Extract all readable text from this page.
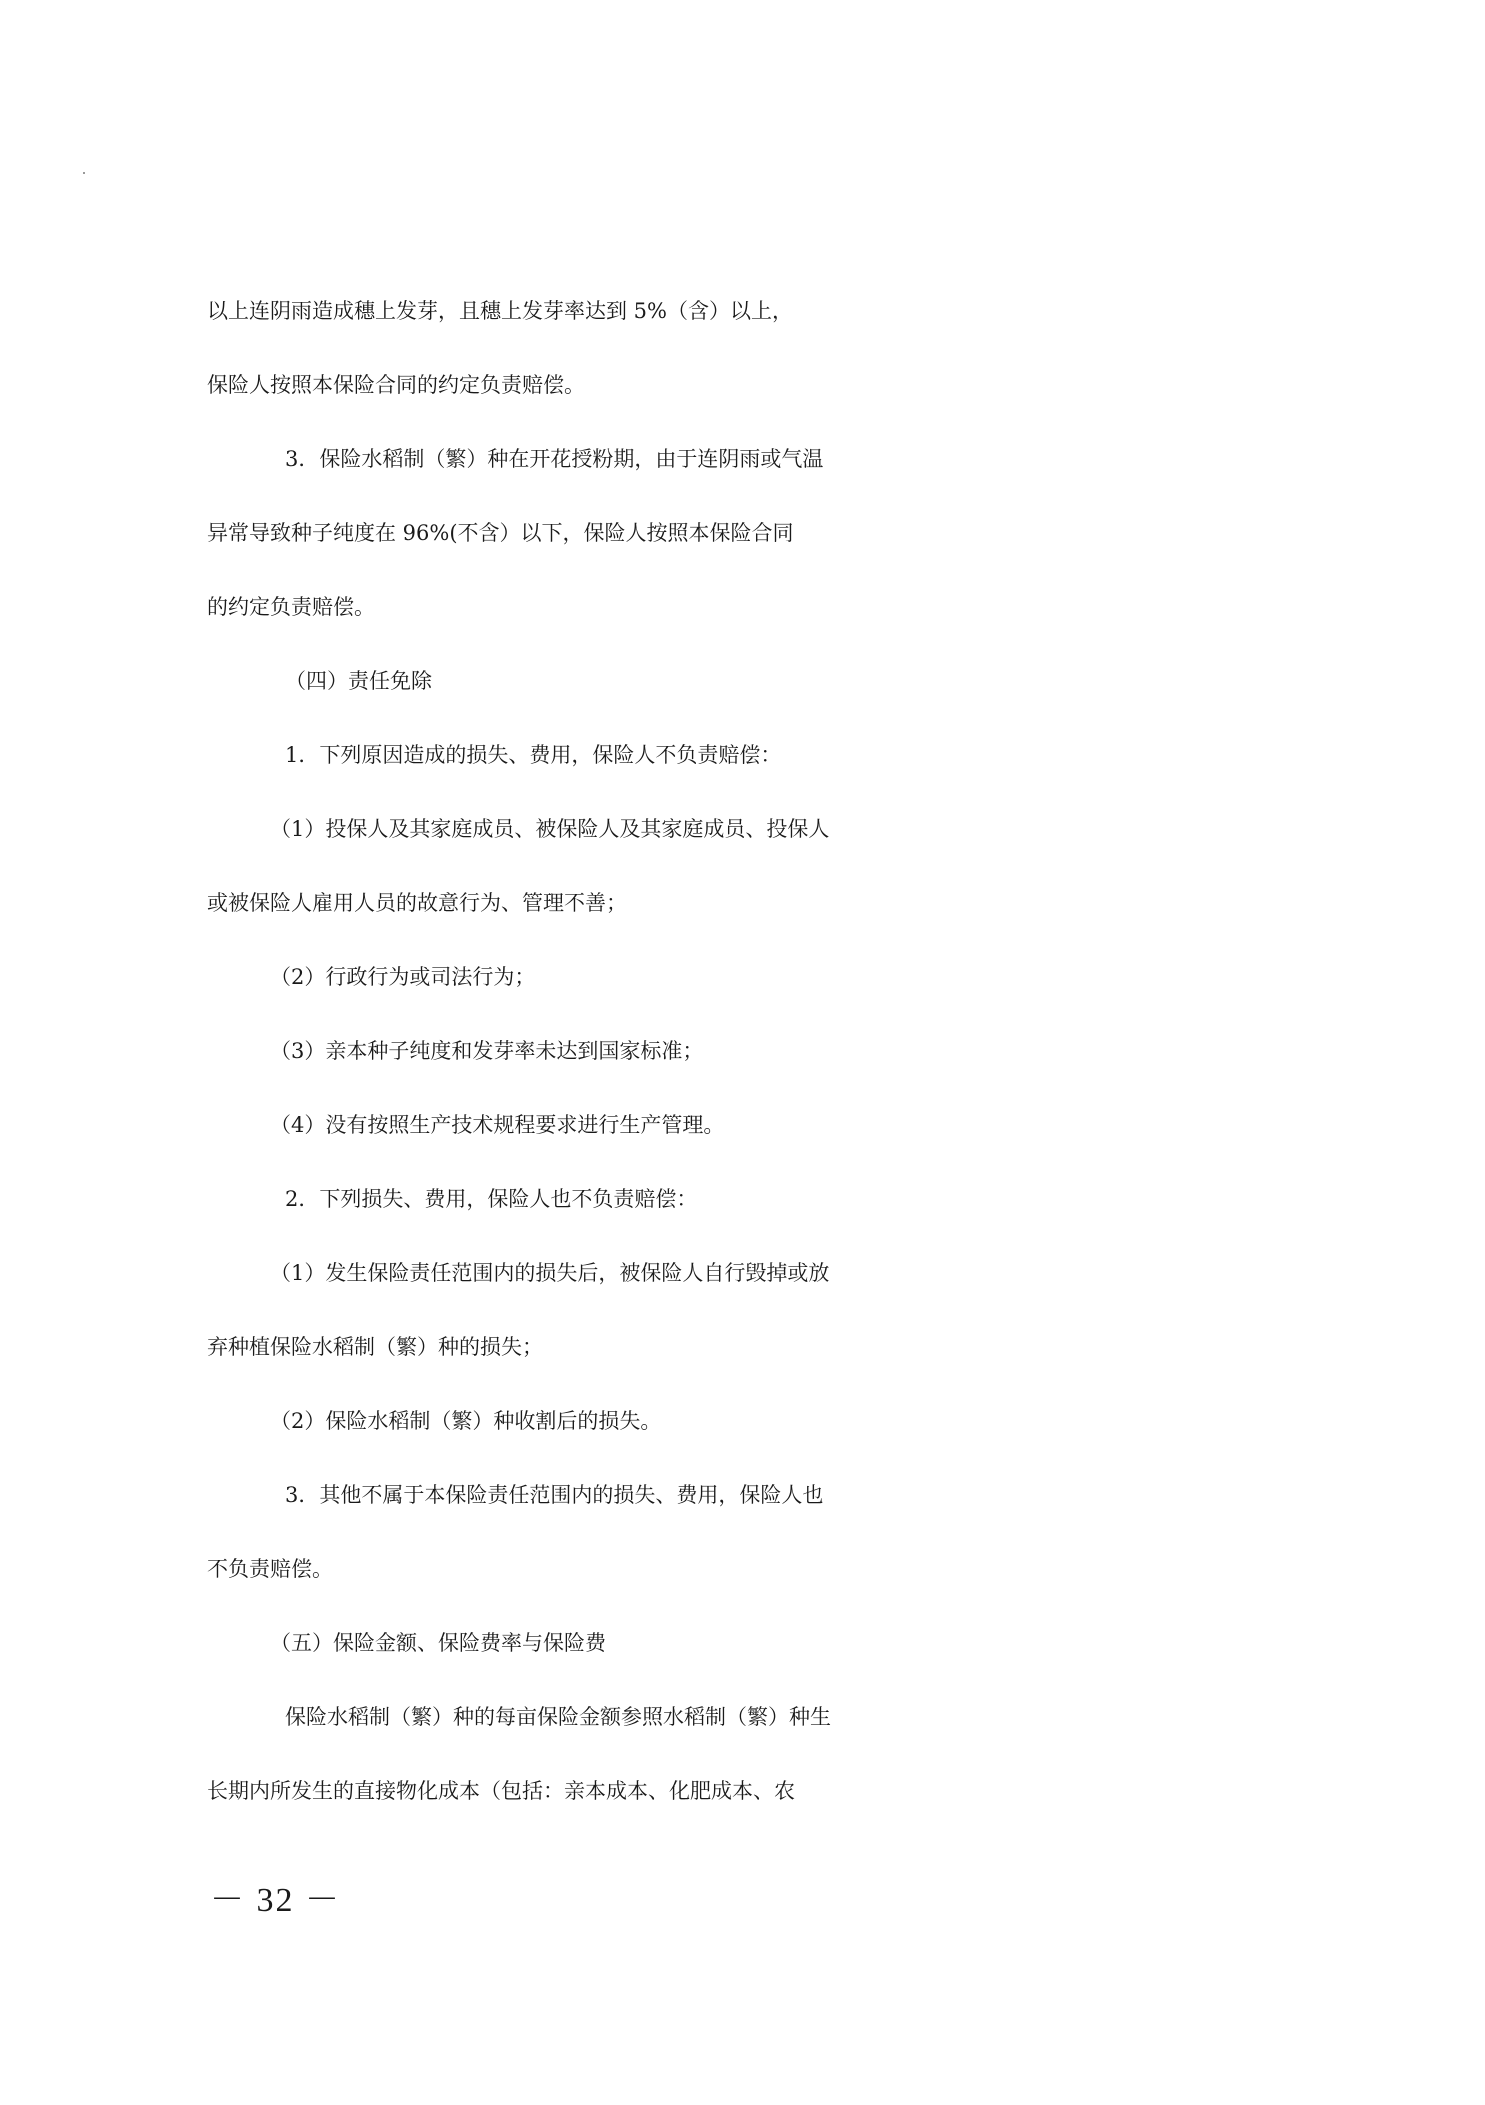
以上连阴雨造成穗上发芽，且穗上发芽率达到 5%（含）以上，
保险人按照本保险合同的约定负责赔偿。
3．保险水稻制（繁）种在开花授粉期，由于连阴雨或气温
异常导致种子纯度在 96%(不含）以下，保险人按照本保险合同
的约定负责赔偿。
（四）责任免除
1．下列原因造成的损失、费用，保险人不负责赔偿：
（1）投保人及其家庭成员、被保险人及其家庭成员、投保人
或被保险人雇用人员的故意行为、管理不善；
（2）行政行为或司法行为；
（3）亲本种子纯度和发芽率未达到国家标准；
（4）没有按照生产技术规程要求进行生产管理。
2．下列损失、费用，保险人也不负责赔偿：
（1）发生保险责任范围内的损失后，被保险人自行毁掉或放
弃种植保险水稻制（繁）种的损失；
（2）保险水稻制（繁）种收割后的损失。
3．其他不属于本保险责任范围内的损失、费用，保险人也
不负责赔偿。
（五）保险金额、保险费率与保险费
保险水稻制（繁）种的每亩保险金额参照水稻制（繁）种生
长期内所发生的直接物化成本（包括：亲本成本、化肥成本、农
－ 32 －
